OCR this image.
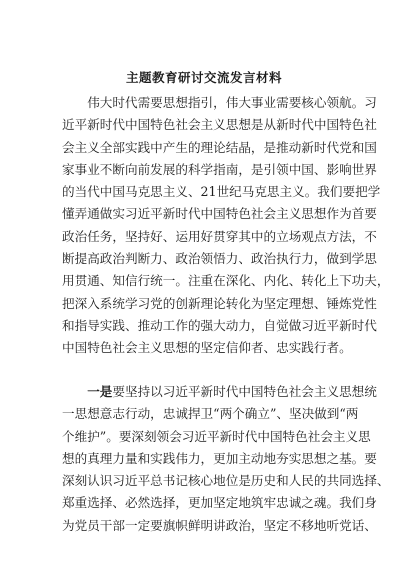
主题教育研讨交流发言材料

　　伟大时代需要思想指引，伟大事业需要核心领航。习

近平新时代中国特色社会主义思想是从新时代中国特色社

会主义全部实践中产生的理论结晶，是推动新时代党和国

家事业不断向前发展的科学指南，是引领中国、影响世界

的当代中国马克思主义、21世纪马克思主义。我们要把学

懂弄通做实习近平新时代中国特色社会主义思想作为首要

政治任务，坚持好、运用好贯穿其中的立场观点方法，不

断提高政治判断力、政治领悟力、政治执行力，做到学思

用贯通、知信行统一。注重在深化、内化、转化上下功夫，

把深入系统学习党的创新理论转化为坚定理想、锤炼党性

和指导实践、推动工作的强大动力，自觉做习近平新时代

中国特色社会主义思想的坚定信仰者、忠实践行者。

　　一是要坚持以习近平新时代中国特色社会主义思想统

一思想意志行动，忠诚捍卫“两个确立”、坚决做到“两

个维护”。要深刻领会习近平新时代中国特色社会主义思

想的真理力量和实践伟力，更加主动地夯实思想之基。要

深刻认识习近平总书记核心地位是历史和人民的共同选择、

郑重选择、必然选择，更加坚定地筑牢忠诚之魂。我们身

为党员干部一定要旗帜鲜明讲政治，坚定不移地听党话、
